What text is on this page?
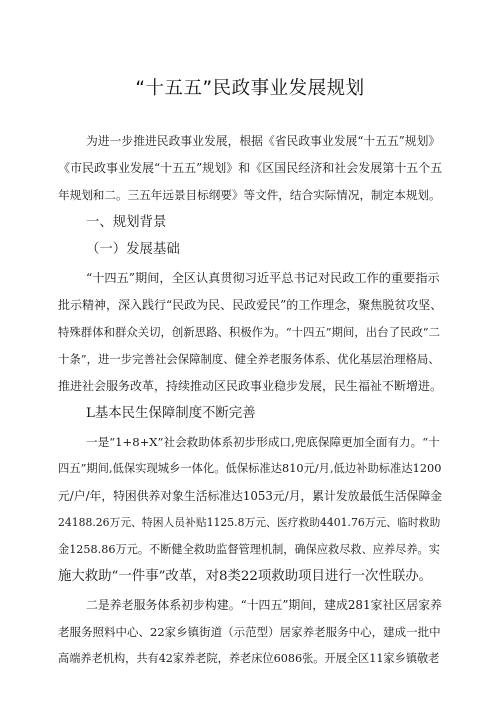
“十五五”民政事业发展规划
为进一步推进民政事业发展，根据《省民政事业发展“十五五”规划》
《市民政事业发展“十五五”规划》和《区国民经济和社会发展第十五个五
年规划和二。三五年远景目标纲要》等文件，结合实际情况，制定本规划。
一、规划背景
（一）发展基础
“十四五”期间，全区认真贯彻习近平总书记对民政工作的重要指示
批示精神，深入践行“民政为民、民政爱民”的工作理念，聚焦脱贫攻坚、
特殊群体和群众关切，创新思路、积极作为。“十四五”期间，出台了民政“二
十条”，进一步完善社会保障制度、健全养老服务体系、优化基层治理格局、
推进社会服务改革，持续推动区民政事业稳步发展，民生福祉不断增进。
L基本民生保障制度不断完善
一是“1+8+X”社会救助体系初步形成口,兜底保障更加全面有力。“十
四五”期间,低保实现城乡一体化。低保标准达810元/月,低边补助标准达1200
元/户/年，特困供养对象生活标准达1053元/月，累计发放最低生活保障金
24188.26万元、特困人员补贴1125.8万元、医疗救助4401.76万元、临时救助
金1258.86万元。不断健全救助监督管理机制，确保应救尽救、应养尽养。实
施大救助“一件事”改革，对8类22项救助项目进行一次性联办。
二是养老服务体系初步构建。“十四五”期间，建成281家社区居家养
老服务照料中心、22家乡镇街道（示范型）居家养老服务中心，建成一批中
高端养老机构，共有42家养老院，养老床位6086张。开展全区11家乡镇敬老
